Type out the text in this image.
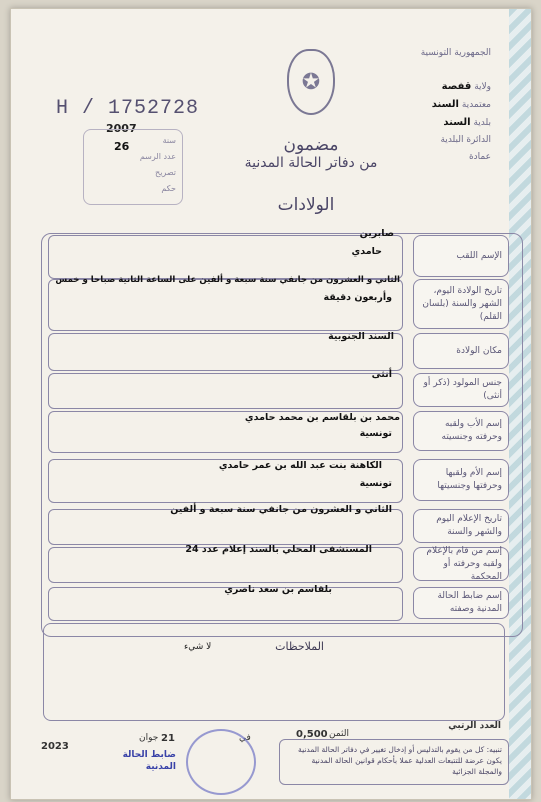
الجمهورية التونسية
ولاية قفصة
معتمدية السند
بلدية السند
الدائرة البلدية
عمادة
✪
H / 1752728
2007
26	سنة
عدد الرسم
تصريح
حكم
مضمون
من دفاتر الحالة المدنية
الولادات
الإسم اللقب
صابرين
حامدي
تاريخ الولادة اليوم، الشهر والسنة (بلسان القلم)
الثاني و العشرون من جانفي سنة سبعة و ألفين على الساعة الثانية صباحا و خمس
وأربعون دقيقة
مكان الولادة
السند الجنوبية
جنس المولود (ذكر أو أنثى)
أنثى
إسم الأب ولقبه وحرفته وجنسيته
محمد بن بلقاسم بن محمد حامدي
تونسية
إسم الأم ولقبها وحرفتها وجنسيتها
الكاهنة بنت عبد الله بن عمر حامدي
تونسية
تاريخ الإعلام اليوم والشهر والسنة
الثاني و العشرون من جانفي سنة سبعة و ألفين
إسم من قام بالإعلام ولقبه وحرفته أو المحكمة
المستشفى المحلي بالسند إعلام عدد 24
إسم ضابط الحالة المدنية وصفته
بلقاسم بن سعد ناصري
الملاحظات
لا شيء
العدد الرتبي
0,500 الثمن
في
21
جوان
2023
ضابط الحالة المدنية
تنبيه: كل من يقوم بالتدليس أو إدخال تغيير في دفاتر الحالة المدنية يكون عرضة للتتبعات العدلية عملا بأحكام قوانين الحالة المدنية والمجلة الجزائية
